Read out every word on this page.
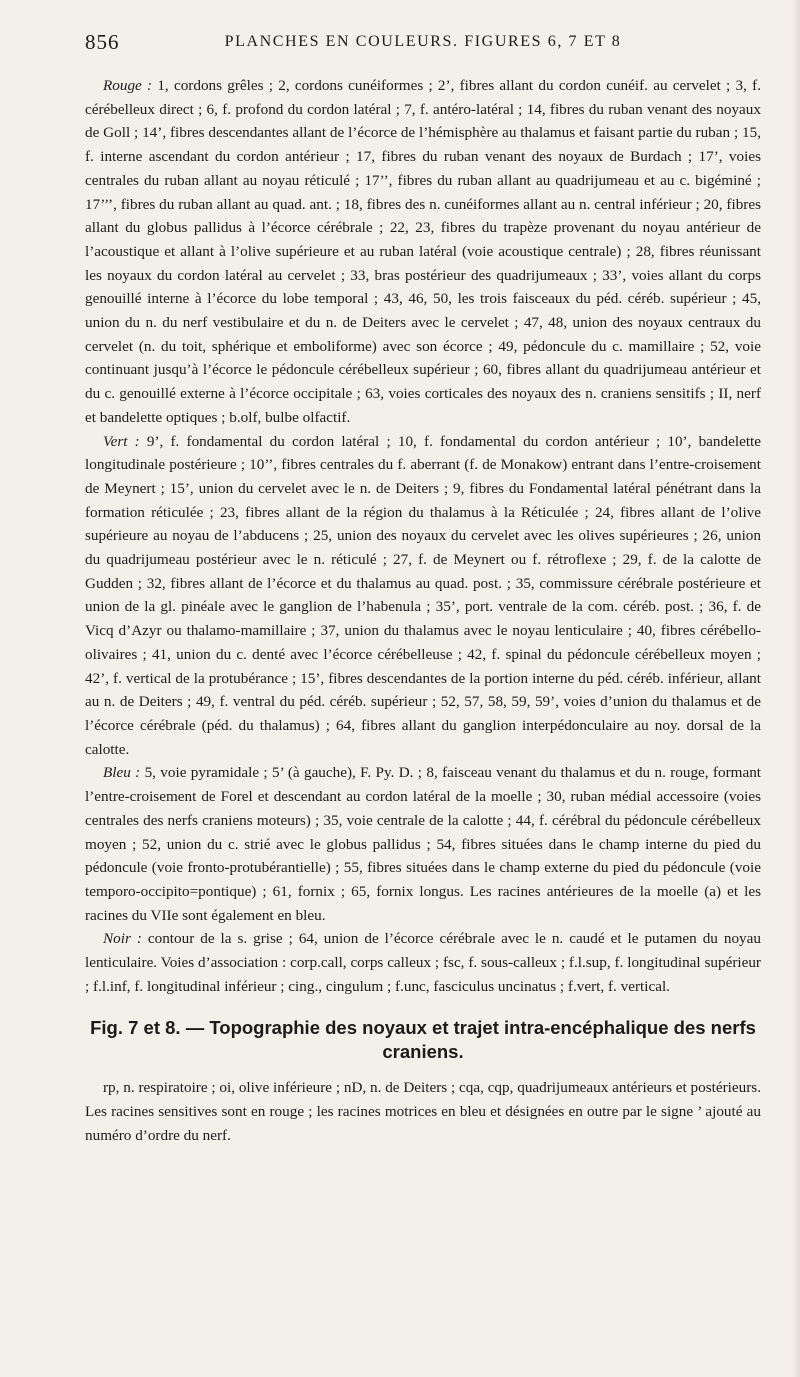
856	PLANCHES EN COULEURS. FIGURES 6, 7 ET 8

Rouge : 1, cordons grêles ; 2, cordons cunéiformes ; 2’, fibres allant du cordon cunéif. au cervelet ; 3, f. cérébelleux direct ; 6, f. profond du cordon latéral ; 7, f. antéro-latéral ; 14, fibres du ruban venant des noyaux de Goll ; 14’, fibres descendantes allant de l’écorce de l’hémisphère au thalamus et faisant partie du ruban ; 15, f. interne ascendant du cordon antérieur ; 17, fibres du ruban venant des noyaux de Burdach ; 17’, voies centrales du ruban allant au noyau réticulé ; 17’’, fibres du ruban allant au quadrijumeau et au c. bigéminé ; 17’’’, fibres du ruban allant au quad. ant. ; 18, fibres des n. cunéiformes allant au n. central inférieur ; 20, fibres allant du globus pallidus à l’écorce cérébrale ; 22, 23, fibres du trapèze provenant du noyau antérieur de l’acoustique et allant à l’olive supérieure et au ruban latéral (voie acoustique centrale) ; 28, fibres réunissant les noyaux du cordon latéral au cervelet ; 33, bras postérieur des quadrijumeaux ; 33’, voies allant du corps genouillé interne à l’écorce du lobe temporal ; 43, 46, 50, les trois faisceaux du péd. céréb. supérieur ; 45, union du n. du nerf vestibulaire et du n. de Deiters avec le cervelet ; 47, 48, union des noyaux centraux du cervelet (n. du toit, sphérique et emboliforme) avec son écorce ; 49, pédoncule du c. mamillaire ; 52, voie continuant jusqu’à l’écorce le pédoncule cérébelleux supérieur ; 60, fibres allant du quadrijumeau antérieur et du c. genouillé externe à l’écorce occipitale ; 63, voies corticales des noyaux des n. craniens sensitifs ; II, nerf et bandelette optiques ; b.olf, bulbe olfactif.

Vert : 9’, f. fondamental du cordon latéral ; 10, f. fondamental du cordon antérieur ; 10’, bandelette longitudinale postérieure ; 10’’, fibres centrales du f. aberrant (f. de Monakow) entrant dans l’entre-croisement de Meynert ; 15’, union du cervelet avec le n. de Deiters ; 9, fibres du Fondamental latéral pénétrant dans la formation réticulée ; 23, fibres allant de la région du thalamus à la Réticulée ; 24, fibres allant de l’olive supérieure au noyau de l’abducens ; 25, union des noyaux du cervelet avec les olives supérieures ; 26, union du quadrijumeau postérieur avec le n. réticulé ; 27, f. de Meynert ou f. rétroflexe ; 29, f. de la calotte de Gudden ; 32, fibres allant de l’écorce et du thalamus au quad. post. ; 35, commissure cérébrale postérieure et union de la gl. pinéale avec le ganglion de l’habenula ; 35’, port. ventrale de la com. céréb. post. ; 36, f. de Vicq d’Azyr ou thalamo-mamillaire ; 37, union du thalamus avec le noyau lenticulaire ; 40, fibres cérébello-olivaires ; 41, union du c. denté avec l’écorce cérébelleuse ; 42, f. spinal du pédoncule cérébelleux moyen ; 42’, f. vertical de la protubérance ; 15’, fibres descendantes de la portion interne du péd. céréb. inférieur, allant au n. de Deiters ; 49, f. ventral du péd. céréb. supérieur ; 52, 57, 58, 59, 59’, voies d’union du thalamus et de l’écorce cérébrale (péd. du thalamus) ; 64, fibres allant du ganglion interpédonculaire au noy. dorsal de la calotte.

Bleu : 5, voie pyramidale ; 5’ (à gauche), F. Py. D. ; 8, faisceau venant du thalamus et du n. rouge, formant l’entre-croisement de Forel et descendant au cordon latéral de la moelle ; 30, ruban médial accessoire (voies centrales des nerfs craniens moteurs) ; 35, voie centrale de la calotte ; 44, f. cérébral du pédoncule cérébelleux moyen ; 52, union du c. strié avec le globus pallidus ; 54, fibres situées dans le champ interne du pied du pédoncule (voie fronto-protubérantielle) ; 55, fibres situées dans le champ externe du pied du pédoncule (voie temporo-occipito=pontique) ; 61, fornix ; 65, fornix longus. Les racines antérieures de la moelle (a) et les racines du VIIe sont également en bleu.

Noir : contour de la s. grise ; 64, union de l’écorce cérébrale avec le n. caudé et le putamen du noyau lenticulaire. Voies d’association : corp.call, corps calleux ; fsc, f. sous-calleux ; f.l.sup, f. longitudinal supérieur ; f.l.inf, f. longitudinal inférieur ; cing., cingulum ; f.unc, fasciculus uncinatus ; f.vert, f. vertical.

Fig. 7 et 8. — Topographie des noyaux et trajet intra-encéphalique des nerfs craniens.

rp, n. respiratoire ; oi, olive inférieure ; nD, n. de Deiters ; cqa, cqp, quadrijumeaux antérieurs et postérieurs. Les racines sensitives sont en rouge ; les racines motrices en bleu et désignées en outre par le signe ’ ajouté au numéro d’ordre du nerf.
